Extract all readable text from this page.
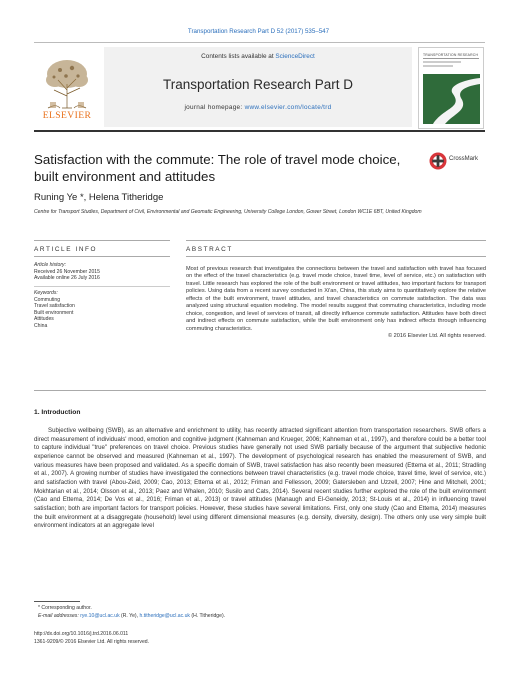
Transportation Research Part D 52 (2017) 535–547
ELSEVIER
Contents lists available at ScienceDirect
Transportation Research Part D
journal homepage: www.elsevier.com/locate/trd
TRANSPORTATION RESEARCH
Satisfaction with the commute: The role of travel mode choice,
built environment and attitudes
CrossMark
Runing Ye *, Helena Titheridge
Centre for Transport Studies, Department of Civil, Environmental and Geomatic Engineering, University College London, Gower Street, London WC1E 6BT, United Kingdom
ARTICLE INFO	ABSTRACT
Article history:
Received 26 November 2015
Available online 26 July 2016
Keywords:
Commuting
Travel satisfaction
Built environment
Attitudes
China
Most of previous research that investigates the connections between the travel and satisfaction with travel has focused on the effect of the travel characteristics (e.g. travel mode choice, travel time, level of service, etc.) on satisfaction with travel. Little research has explored the role of the built environment or travel attitudes, two important factors for transport policies. Using data from a recent survey conducted in Xi'an, China, this study aims to quantitatively explore the relative effects of the built environment, travel attitudes, and travel characteristics on commute satisfaction. The data was analyzed using structural equation modeling. The model results suggest that commuting characteristics, including mode choice, congestion, and level of services of transit, all directly influence commute satisfaction. Attitudes have both direct and indirect effects on commute satisfaction, while the built environment only has indirect effects through influencing commuting characteristics.
© 2016 Elsevier Ltd. All rights reserved.
1. Introduction
Subjective wellbeing (SWB), as an alternative and enrichment to utility, has recently attracted significant attention from transportation researchers. SWB offers a direct measurement of individuals' mood, emotion and cognitive judgment (Kahneman and Krueger, 2006; Kahneman et al., 1997), and therefore could be a better tool to capture individual "true" preferences on travel choice. Previous studies have generally not used SWB partially because of the argument that subjective hedonic experience cannot be observed and measured (Kahneman et al., 1997). The development of psychological research has enabled the measurement of SWB, and various measures have been proposed and validated. As a specific domain of SWB, travel satisfaction has also recently been measured (Ettema et al., 2011; Stradling et al., 2007). A growing number of studies have investigated the connections between travel characteristics (e.g. travel mode choice, travel time, level of service, etc.) and satisfaction with travel (Abou-Zeid, 2009; Cao, 2013; Ettema et al., 2012; Friman and Fellesson, 2009; Gatersleben and Uzzell, 2007; Hine and Mitchell, 2001; Mokhtarian et al., 2014; Olsson et al., 2013; Paez and Whalen, 2010; Susilo and Cats, 2014). Several recent studies further explored the role of the built environment (Cao and Ettema, 2014; De Vos et al., 2016; Friman et al., 2013) or travel attitudes (Manaugh and El-Geneidy, 2013; St-Louis et al., 2014) in influencing travel satisfaction; both are important factors for transport policies. However, these studies have several limitations. First, only one study (Cao and Ettema, 2014) measures the built environment at a disaggregate (household) level using different dimensional measures (e.g. density, diversity, design). The others only use very simple built environment indicators at an aggregate level
* Corresponding author.
E-mail addresses: rye.10@ucl.ac.uk (R. Ye), h.titheridge@ucl.ac.uk (H. Titheridge).
http://dx.doi.org/10.1016/j.trd.2016.06.011
1361-9209/© 2016 Elsevier Ltd. All rights reserved.
